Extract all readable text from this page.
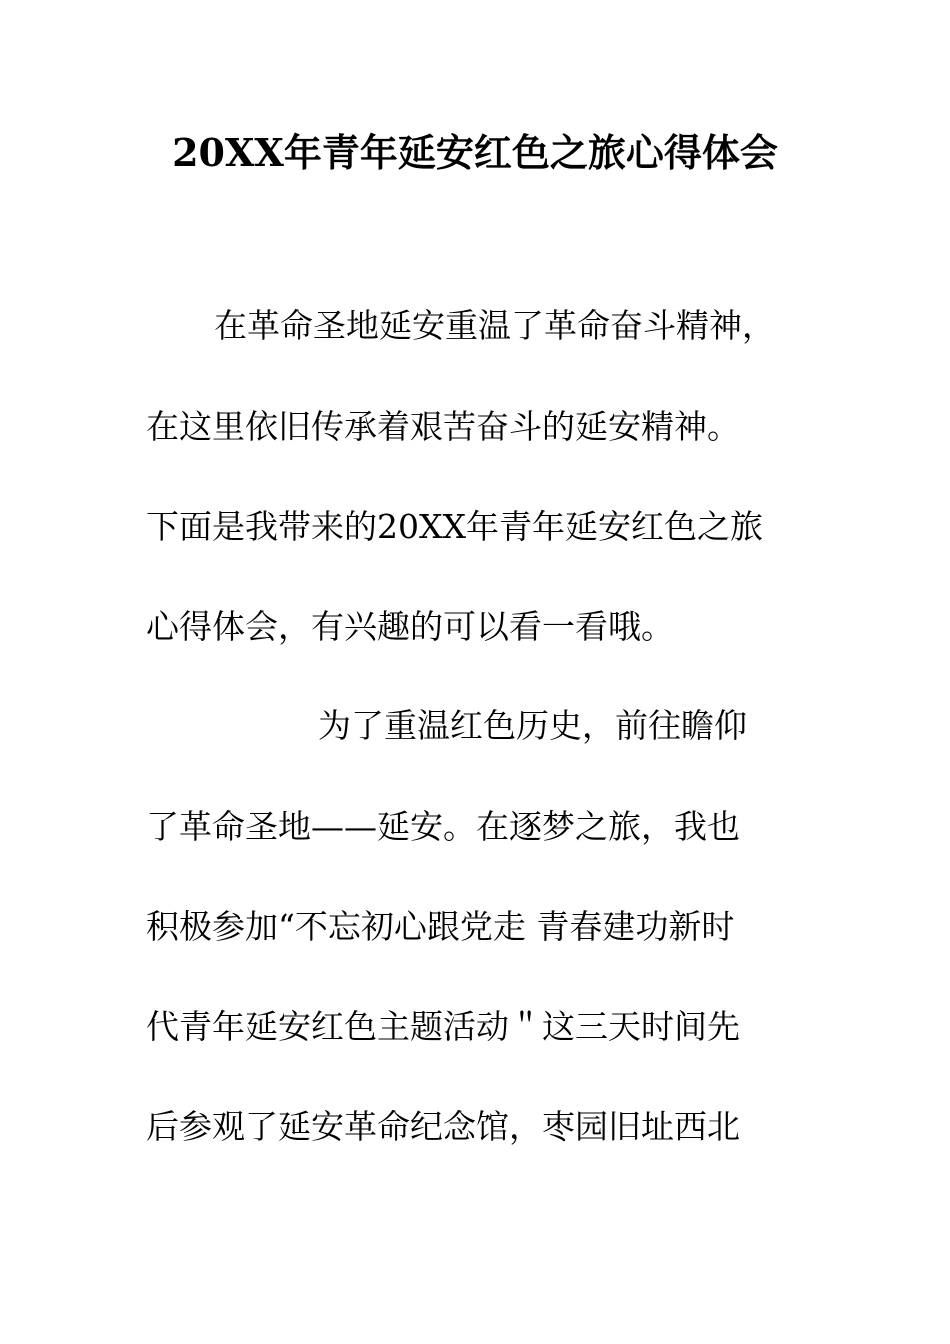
20XX年青年延安红色之旅心得体会
在革命圣地延安重温了革命奋斗精神，
在这里依旧传承着艰苦奋斗的延安精神。
下面是我带来的20XX年青年延安红色之旅
心得体会，有兴趣的可以看一看哦。
为了重温红色历史，前往瞻仰
了革命圣地——延安。在逐梦之旅，我也
积极参加“不忘初心跟党走 青春建功新时
代青年延安红色主题活动＂这三天时间先
后参观了延安革命纪念馆，枣园旧址西北
